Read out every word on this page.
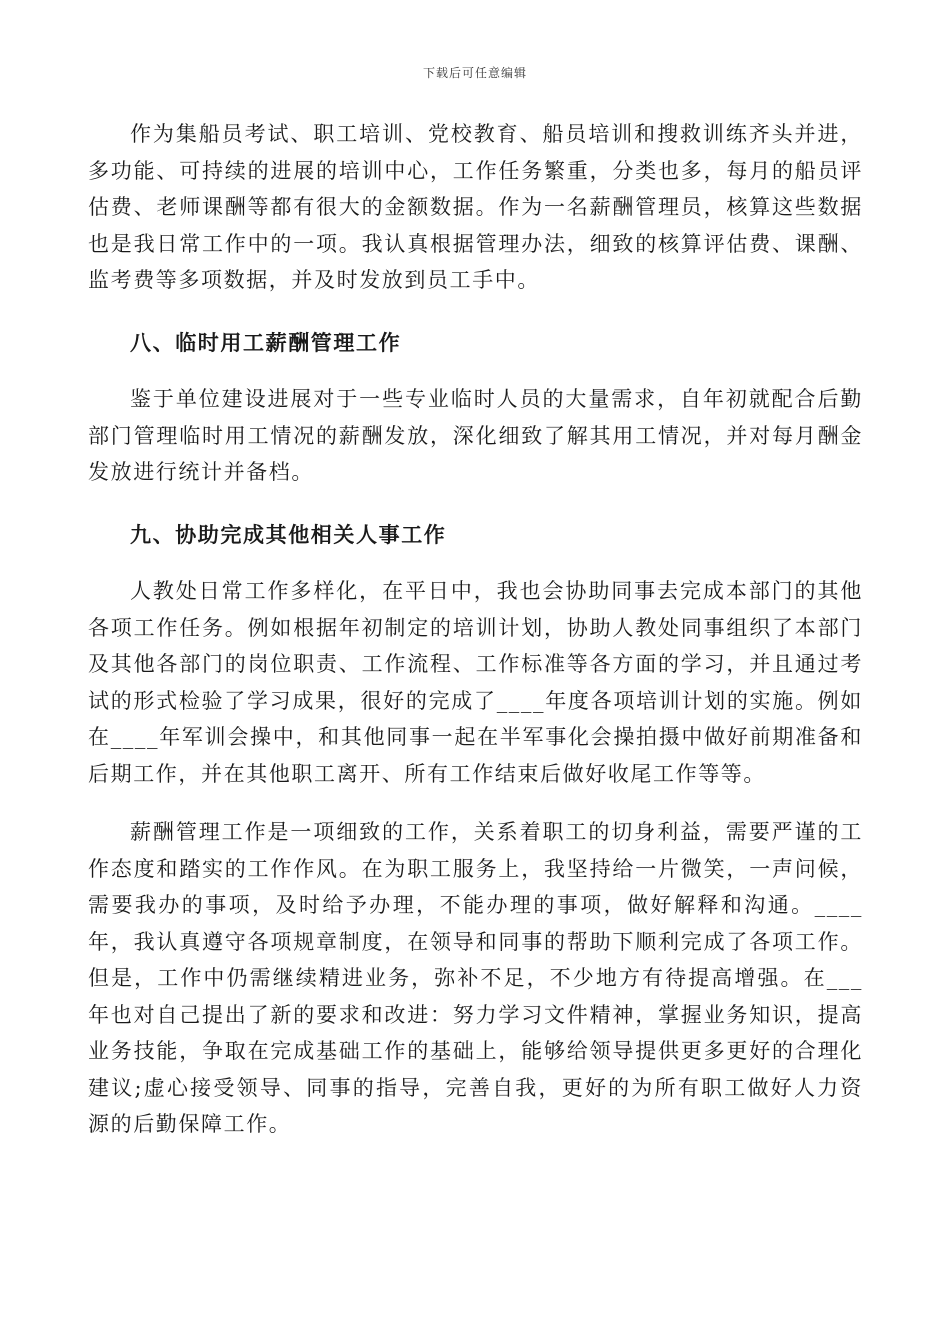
下载后可任意编辑

作为集船员考试、职工培训、党校教育、船员培训和搜救训练齐头并进，多功能、可持续的进展的培训中心，工作任务繁重，分类也多，每月的船员评估费、老师课酬等都有很大的金额数据。作为一名薪酬管理员，核算这些数据也是我日常工作中的一项。我认真根据管理办法，细致的核算评估费、课酬、监考费等多项数据，并及时发放到员工手中。

八、临时用工薪酬管理工作

鉴于单位建设进展对于一些专业临时人员的大量需求，自年初就配合后勤部门管理临时用工情况的薪酬发放，深化细致了解其用工情况，并对每月酬金发放进行统计并备档。

九、协助完成其他相关人事工作

人教处日常工作多样化，在平日中，我也会协助同事去完成本部门的其他各项工作任务。例如根据年初制定的培训计划，协助人教处同事组织了本部门及其他各部门的岗位职责、工作流程、工作标准等各方面的学习，并且通过考试的形式检验了学习成果，很好的完成了____年度各项培训计划的实施。例如在____年军训会操中，和其他同事一起在半军事化会操拍摄中做好前期准备和后期工作，并在其他职工离开、所有工作结束后做好收尾工作等等。

薪酬管理工作是一项细致的工作，关系着职工的切身利益，需要严谨的工作态度和踏实的工作作风。在为职工服务上，我坚持给一片微笑，一声问候，需要我办的事项，及时给予办理，不能办理的事项，做好解释和沟通。____年，我认真遵守各项规章制度，在领导和同事的帮助下顺利完成了各项工作。但是，工作中仍需继续精进业务，弥补不足，不少地方有待提高增强。在___年也对自己提出了新的要求和改进：努力学习文件精神，掌握业务知识，提高业务技能，争取在完成基础工作的基础上，能够给领导提供更多更好的合理化建议;虚心接受领导、同事的指导，完善自我，更好的为所有职工做好人力资源的后勤保障工作。
